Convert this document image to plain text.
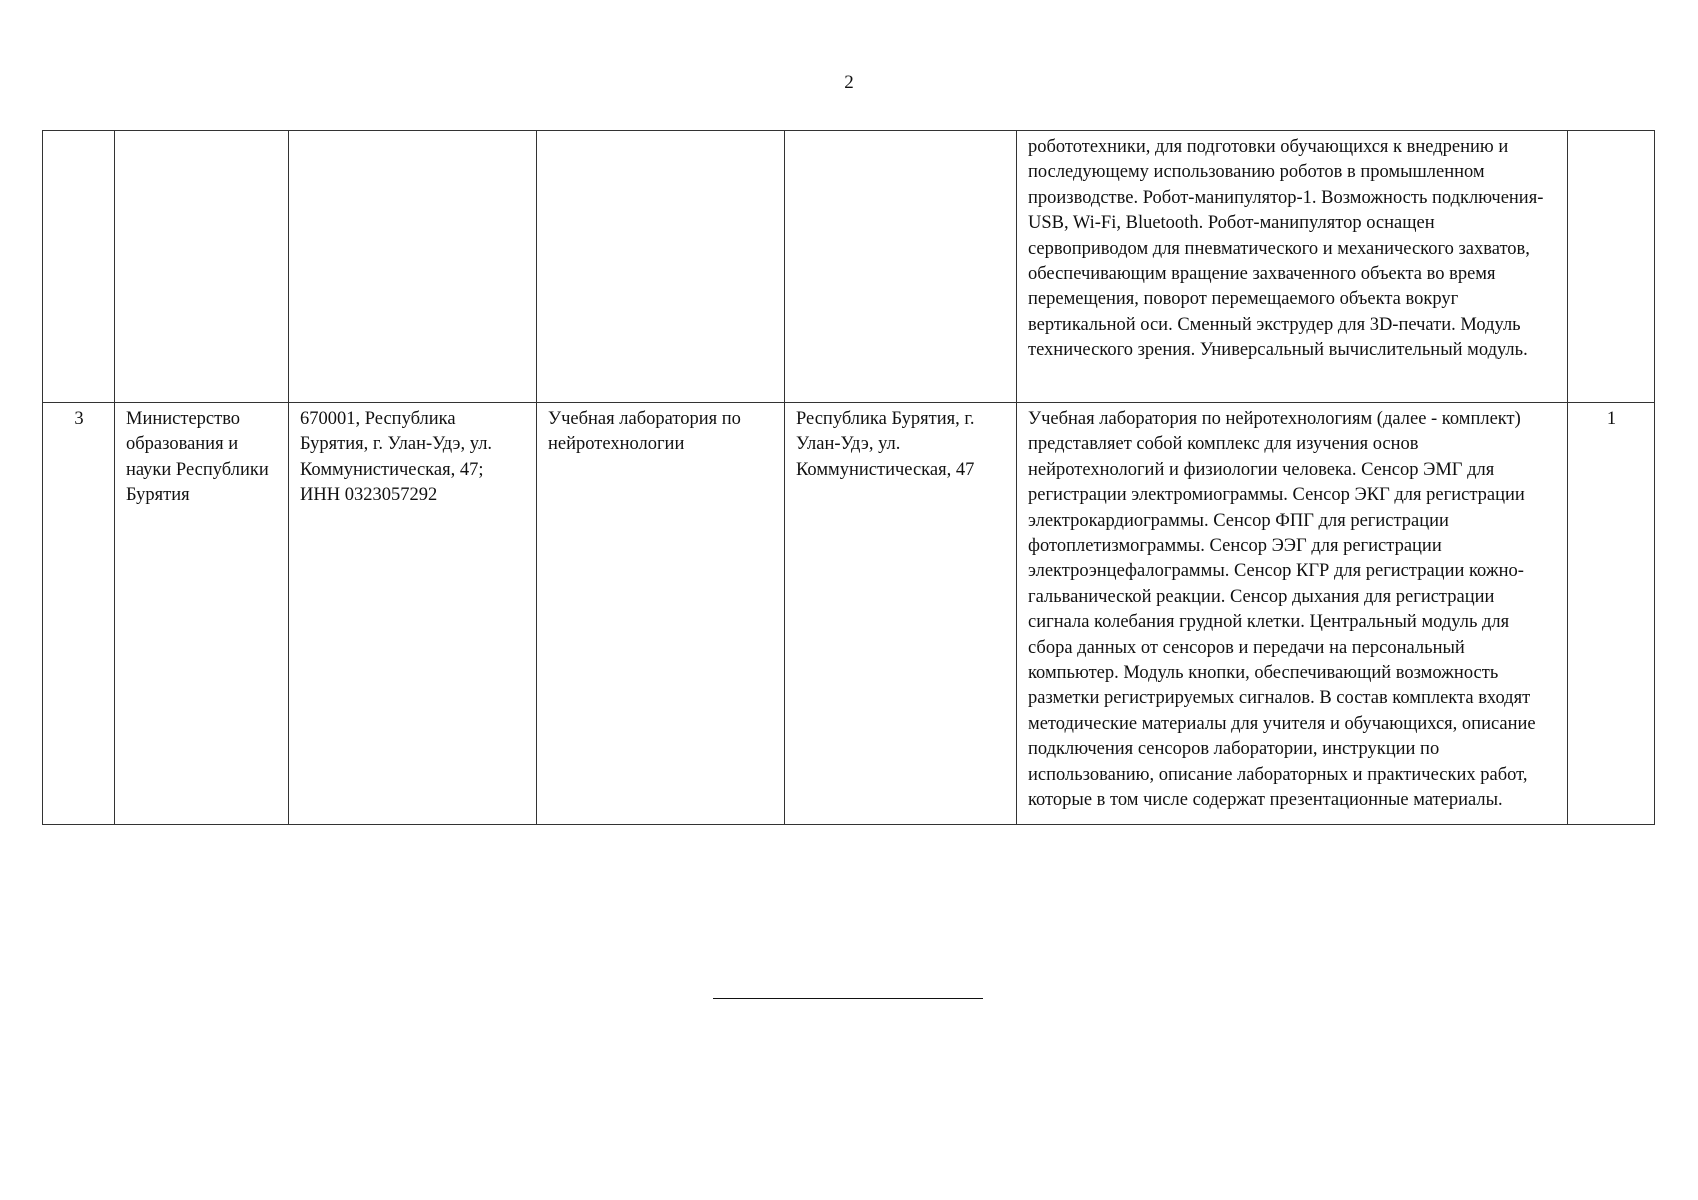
2
					робототехники, для подготовки обучающихся к внедрению и последующему использованию роботов в промышленном производстве. Робот-манипулятор-1. Возможность подключения- USB, Wi-Fi, Bluetooth. Робот-манипулятор оснащен сервоприводом для пневматического и механического захватов, обеспечивающим вращение захваченного объекта во время перемещения, поворот перемещаемого объекта вокруг вертикальной оси. Сменный экструдер для 3D-печати. Модуль технического зрения. Универсальный вычислительный модуль.	
3	Министерство образования и науки Республики Бурятия	670001, Республика Бурятия, г. Улан-Удэ, ул. Коммунистическая, 47; ИНН 0323057292	Учебная лаборатория по нейротехнологии	Республика Бурятия, г. Улан-Удэ, ул. Коммунистическая, 47	Учебная лаборатория по нейротехнологиям (далее - комплект) представляет собой комплекс для изучения основ нейротехнологий и физиологии человека. Сенсор ЭМГ для регистрации электромиограммы. Сенсор ЭКГ для регистрации электрокардиограммы. Сенсор ФПГ для регистрации фотоплетизмограммы. Сенсор ЭЭГ для регистрации электроэнцефалограммы. Сенсор КГР для регистрации кожно-гальванической реакции. Сенсор дыхания для регистрации сигнала колебания грудной клетки. Центральный модуль для сбора данных от сенсоров и передачи на персональный компьютер. Модуль кнопки, обеспечивающий возможность разметки регистрируемых сигналов. В состав комплекта входят методические материалы для учителя и обучающихся, описание подключения сенсоров лаборатории, инструкции по использованию, описание лабораторных и практических работ, которые в том числе содержат презентационные материалы.	1
